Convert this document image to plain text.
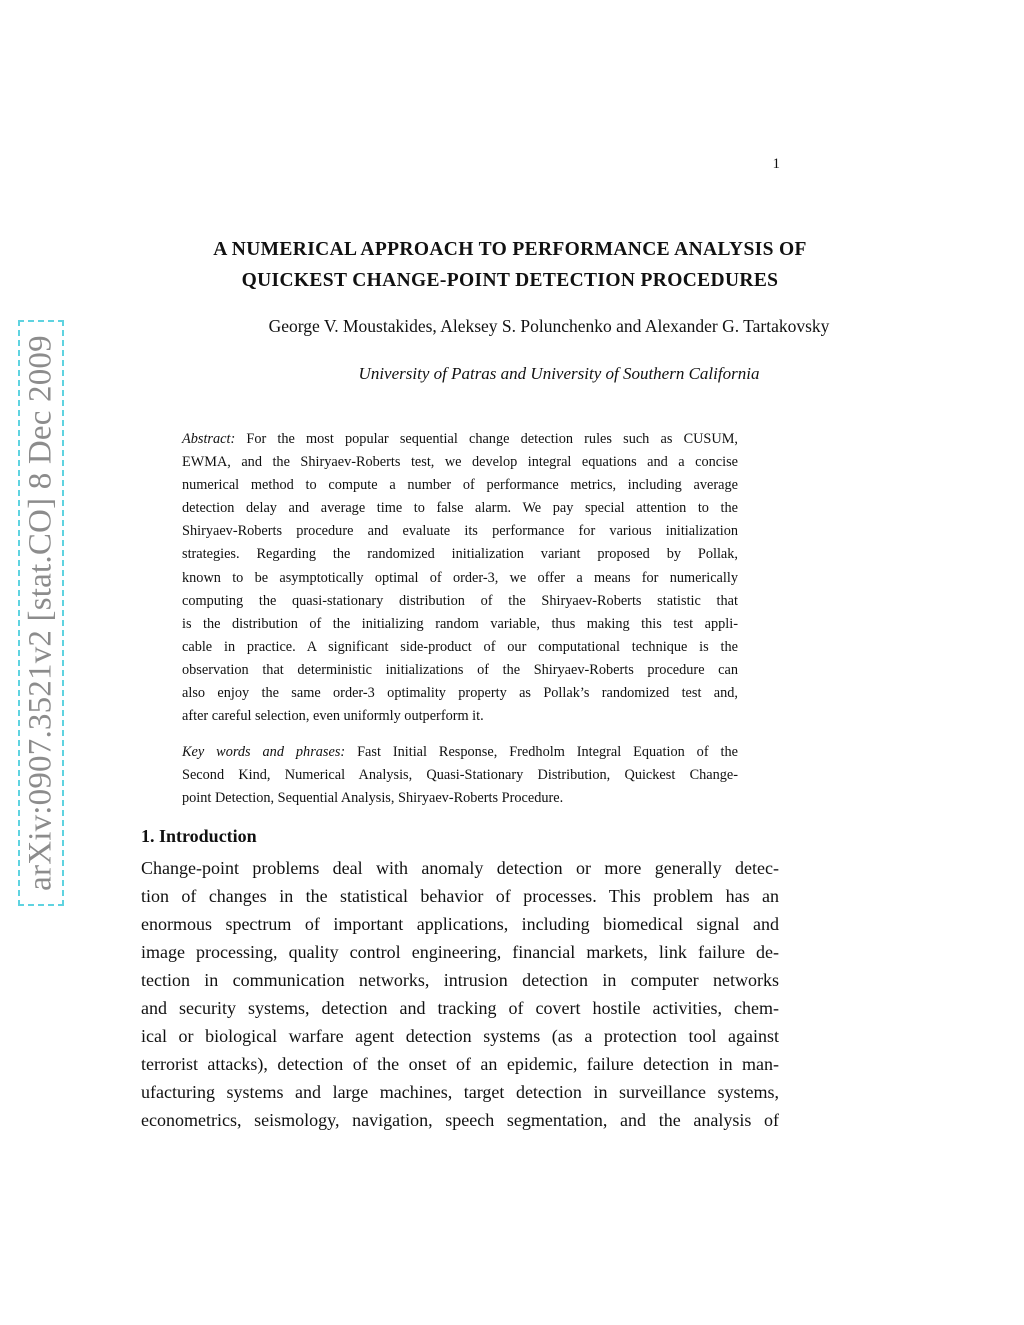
1
A NUMERICAL APPROACH TO PERFORMANCE ANALYSIS OF
QUICKEST CHANGE-POINT DETECTION PROCEDURES
George V. Moustakides, Aleksey S. Polunchenko and Alexander G. Tartakovsky
University of Patras and University of Southern California
Abstract: For the most popular sequential change detection rules such as CUSUM,
EWMA, and the Shiryaev-Roberts test, we develop integral equations and a concise
numerical method to compute a number of performance metrics, including average
detection delay and average time to false alarm. We pay special attention to the
Shiryaev-Roberts procedure and evaluate its performance for various initialization
strategies. Regarding the randomized initialization variant proposed by Pollak,
known to be asymptotically optimal of order-3, we offer a means for numerically
computing the quasi-stationary distribution of the Shiryaev-Roberts statistic that
is the distribution of the initializing random variable, thus making this test appli-
cable in practice. A significant side-product of our computational technique is the
observation that deterministic initializations of the Shiryaev-Roberts procedure can
also enjoy the same order-3 optimality property as Pollak’s randomized test and,
after careful selection, even uniformly outperform it.
Key words and phrases: Fast Initial Response, Fredholm Integral Equation of the
Second Kind, Numerical Analysis, Quasi-Stationary Distribution, Quickest Change-
point Detection, Sequential Analysis, Shiryaev-Roberts Procedure.
1. Introduction
Change-point problems deal with anomaly detection or more generally detec-
tion of changes in the statistical behavior of processes. This problem has an
enormous spectrum of important applications, including biomedical signal and
image processing, quality control engineering, financial markets, link failure de-
tection in communication networks, intrusion detection in computer networks
and security systems, detection and tracking of covert hostile activities, chem-
ical or biological warfare agent detection systems (as a protection tool against
terrorist attacks), detection of the onset of an epidemic, failure detection in man-
ufacturing systems and large machines, target detection in surveillance systems,
econometrics, seismology, navigation, speech segmentation, and the analysis of
arXiv:0907.3521v2 [stat.CO] 8 Dec 2009
